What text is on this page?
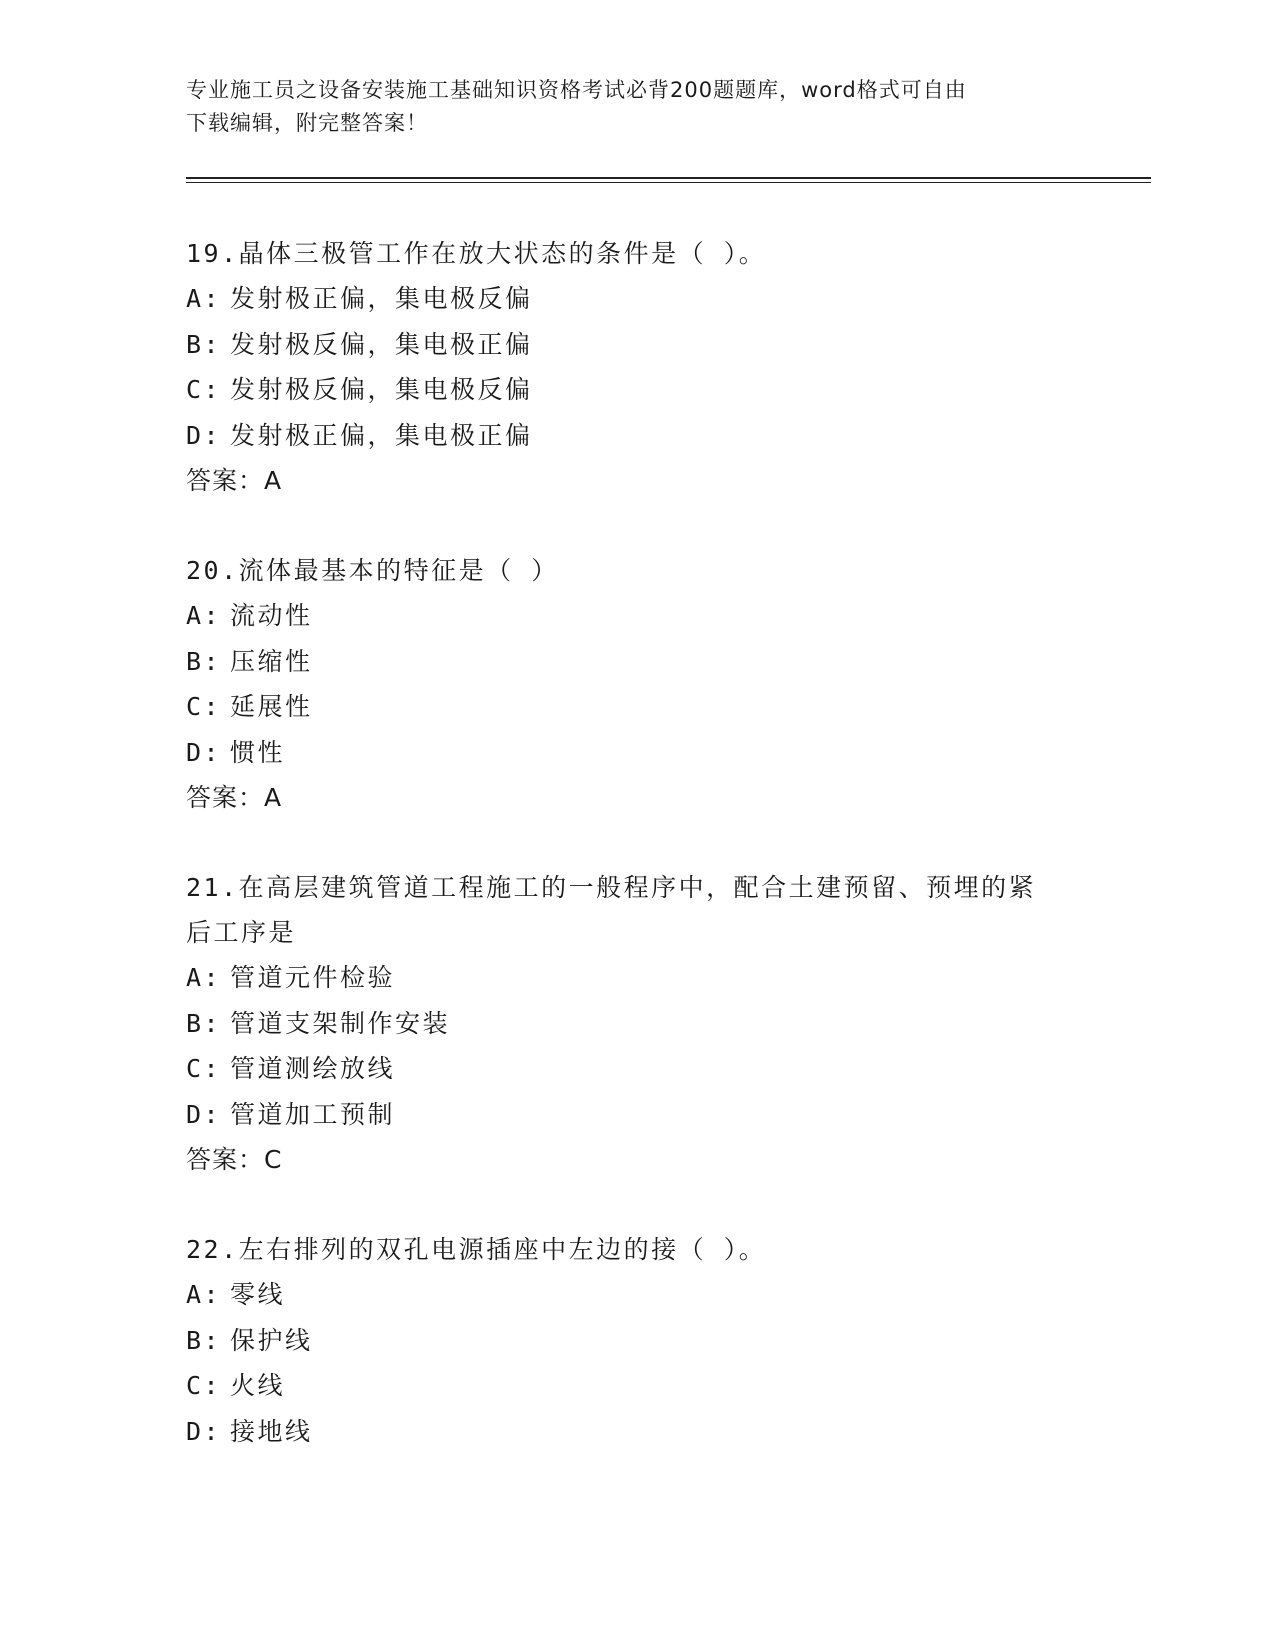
专业施工员之设备安装施工基础知识资格考试必背200题题库，word格式可自由
下载编辑，附完整答案！
19.晶体三极管工作在放大状态的条件是（ ）。
A: 发射极正偏，集电极反偏
B: 发射极反偏，集电极正偏
C: 发射极反偏，集电极反偏
D: 发射极正偏，集电极正偏
答案：A
20.流体最基本的特征是（ ）
A: 流动性
B: 压缩性
C: 延展性
D: 惯性
答案：A
21.在高层建筑管道工程施工的一般程序中，配合土建预留、预埋的紧
后工序是
A: 管道元件检验
B: 管道支架制作安装
C: 管道测绘放线
D: 管道加工预制
答案：C
22.左右排列的双孔电源插座中左边的接（ ）。
A: 零线
B: 保护线
C: 火线
D: 接地线
